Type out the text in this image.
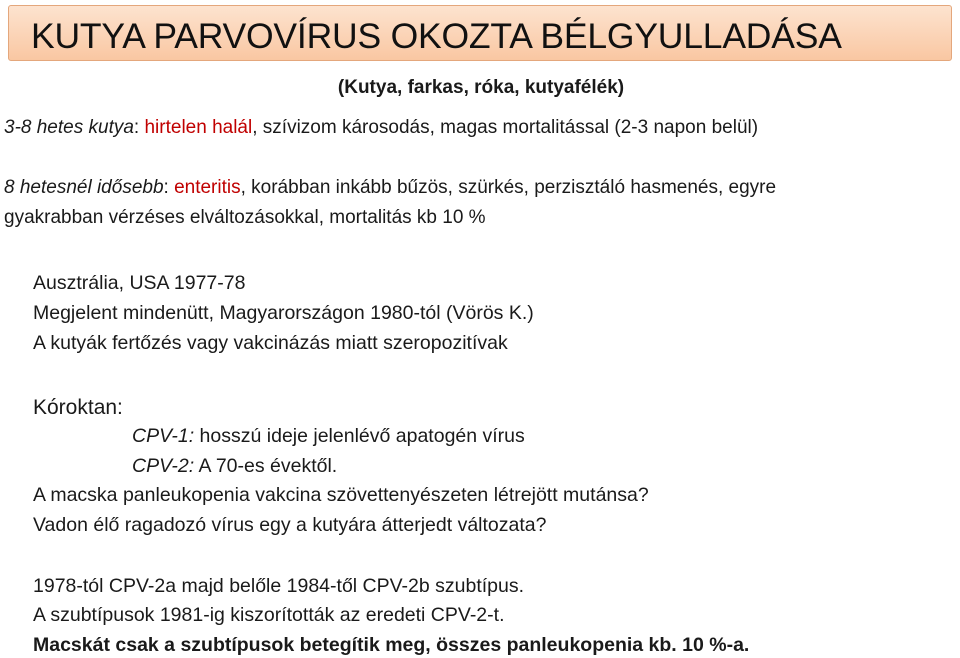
KUTYA PARVOVÍRUS OKOZTA BÉLGYULLADÁSA

(Kutya, farkas, róka, kutyafélék)

3-8 hetes kutya: hirtelen halál, szívizom károsodás, magas mortalitással (2-3 napon belül)

8 hetesnél idősebb: enteritis, korábban inkább bűzös, szürkés, perzisztáló hasmenés, egyre

gyakrabban vérzéses elváltozásokkal, mortalitás kb 10 %

Ausztrália, USA 1977-78

Megjelent mindenütt, Magyarországon 1980-tól (Vörös K.)

A kutyák fertőzés vagy vakcinázás miatt szeropozitívak

Kóroktan:

CPV-1: hosszú ideje jelenlévő apatogén vírus

CPV-2: A 70-es évektől.

A macska panleukopenia vakcina szövettenyészeten létrejött mutánsa?

Vadon élő ragadozó vírus egy a kutyára átterjedt változata?

1978-tól CPV-2a majd belőle 1984-től CPV-2b szubtípus.

A szubtípusok 1981-ig kiszorították az eredeti CPV-2-t.

Macskát csak a szubtípusok betegítik meg, összes panleukopenia kb. 10 %-a.
